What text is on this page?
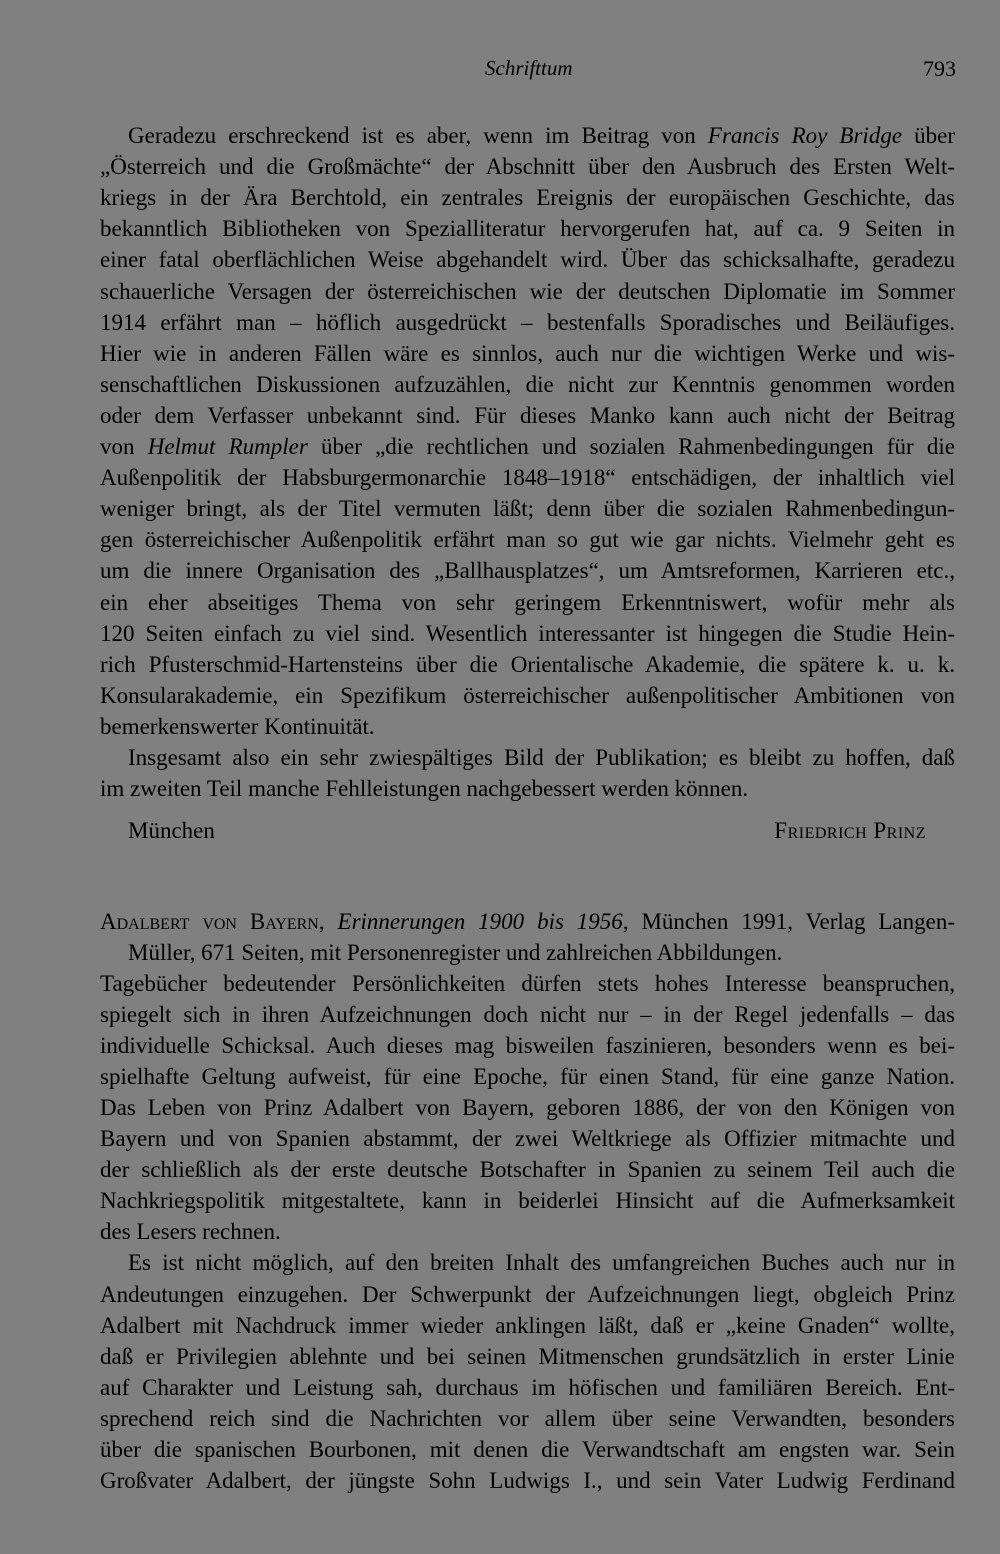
Schrifttum	793
Geradezu erschreckend ist es aber, wenn im Beitrag von Francis Roy Bridge über
„Österreich und die Großmächte“ der Abschnitt über den Ausbruch des Ersten Welt-
kriegs in der Ära Berchtold, ein zentrales Ereignis der europäischen Geschichte, das
bekanntlich Bibliotheken von Spezialliteratur hervorgerufen hat, auf ca. 9 Seiten in
einer fatal oberflächlichen Weise abgehandelt wird. Über das schicksalhafte, geradezu
schauerliche Versagen der österreichischen wie der deutschen Diplomatie im Sommer
1914 erfährt man – höflich ausgedrückt – bestenfalls Sporadisches und Beiläufiges.
Hier wie in anderen Fällen wäre es sinnlos, auch nur die wichtigen Werke und wis-
senschaftlichen Diskussionen aufzuzählen, die nicht zur Kenntnis genommen worden
oder dem Verfasser unbekannt sind. Für dieses Manko kann auch nicht der Beitrag
von Helmut Rumpler über „die rechtlichen und sozialen Rahmenbedingungen für die
Außenpolitik der Habsburgermonarchie 1848–1918“ entschädigen, der inhaltlich viel
weniger bringt, als der Titel vermuten läßt; denn über die sozialen Rahmenbedingun-
gen österreichischer Außenpolitik erfährt man so gut wie gar nichts. Vielmehr geht es
um die innere Organisation des „Ballhausplatzes“, um Amtsreformen, Karrieren etc.,
ein eher abseitiges Thema von sehr geringem Erkenntniswert, wofür mehr als
120 Seiten einfach zu viel sind. Wesentlich interessanter ist hingegen die Studie Hein-
rich Pfusterschmid-Hartensteins über die Orientalische Akademie, die spätere k. u. k.
Konsularakademie, ein Spezifikum österreichischer außenpolitischer Ambitionen von
bemerkenswerter Kontinuität.
Insgesamt also ein sehr zwiespältiges Bild der Publikation; es bleibt zu hoffen, daß
im zweiten Teil manche Fehlleistungen nachgebessert werden können.
München	Friedrich Prinz
Adalbert von Bayern, Erinnerungen 1900 bis 1956, München 1991, Verlag Langen-
Müller, 671 Seiten, mit Personenregister und zahlreichen Abbildungen.
Tagebücher bedeutender Persönlichkeiten dürfen stets hohes Interesse beanspruchen,
spiegelt sich in ihren Aufzeichnungen doch nicht nur – in der Regel jedenfalls – das
individuelle Schicksal. Auch dieses mag bisweilen faszinieren, besonders wenn es bei-
spielhafte Geltung aufweist, für eine Epoche, für einen Stand, für eine ganze Nation.
Das Leben von Prinz Adalbert von Bayern, geboren 1886, der von den Königen von
Bayern und von Spanien abstammt, der zwei Weltkriege als Offizier mitmachte und
der schließlich als der erste deutsche Botschafter in Spanien zu seinem Teil auch die
Nachkriegspolitik mitgestaltete, kann in beiderlei Hinsicht auf die Aufmerksamkeit
des Lesers rechnen.
Es ist nicht möglich, auf den breiten Inhalt des umfangreichen Buches auch nur in
Andeutungen einzugehen. Der Schwerpunkt der Aufzeichnungen liegt, obgleich Prinz
Adalbert mit Nachdruck immer wieder anklingen läßt, daß er „keine Gnaden“ wollte,
daß er Privilegien ablehnte und bei seinen Mitmenschen grundsätzlich in erster Linie
auf Charakter und Leistung sah, durchaus im höfischen und familiären Bereich. Ent-
sprechend reich sind die Nachrichten vor allem über seine Verwandten, besonders
über die spanischen Bourbonen, mit denen die Verwandtschaft am engsten war. Sein
Großvater Adalbert, der jüngste Sohn Ludwigs I., und sein Vater Ludwig Ferdinand
